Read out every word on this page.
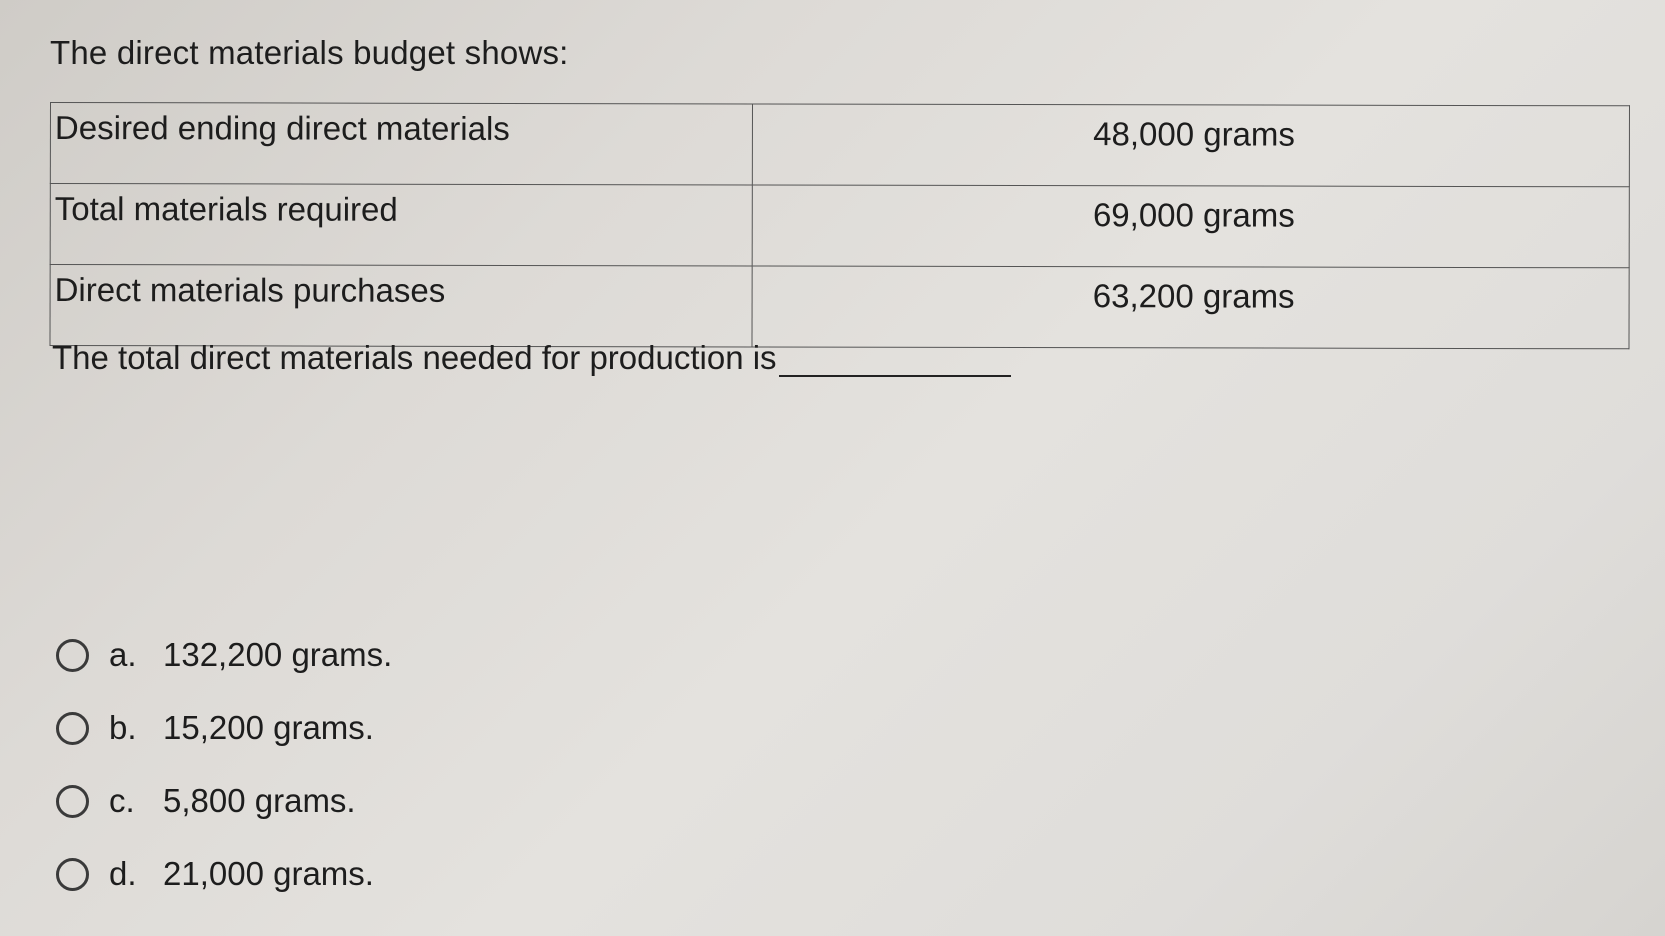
The direct materials budget shows:
Desired ending direct materials	48,000 grams
Total materials required	69,000 grams
Direct materials purchases	63,200 grams
The total direct materials needed for production is
a. 132,200 grams.
b. 15,200 grams.
c. 5,800 grams.
d. 21,000 grams.
